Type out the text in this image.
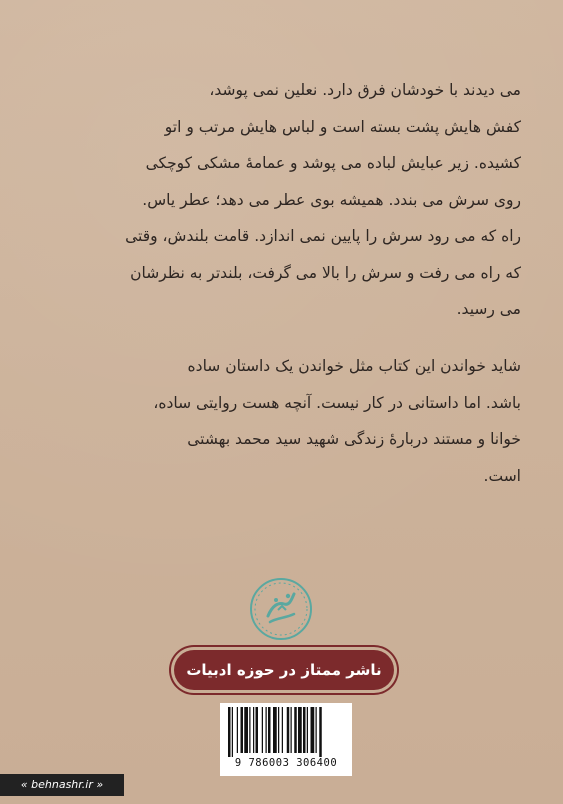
می دیدند با خودشان فرق دارد. نعلین نمی پوشد،
کفش هایش پشت بسته است و لباس هایش مرتب و اتو
کشیده. زیر عبایش لباده می پوشد و عمامهٔ مشکی کوچکی
روی سرش می بندد. همیشه بوی عطر می دهد؛ عطر یاس.
راه که می رود سرش را پایین نمی اندازد. قامت بلندش، وقتی
که راه می رفت و سرش را بالا می گرفت، بلندتر به نظرشان
می رسید.
شاید خواندن این کتاب مثل خواندن یک داستان ساده
باشد. اما داستانی در کار نیست. آنچه هست روایتی ساده،
خوانا و مستند دربارهٔ زندگی شهید سید محمد بهشتی
است.
ناشر ممتاز در حوزه ادبیات
9 786003 306400
« behnashr.ir »
